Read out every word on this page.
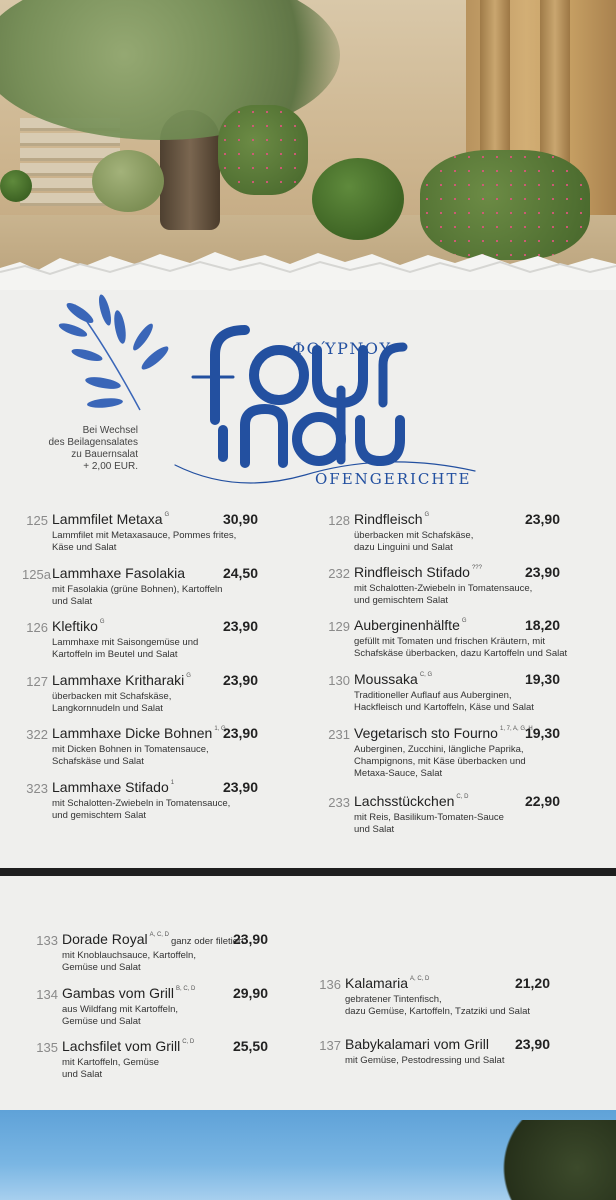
ΦΟΎΡΝΟΥ
OFENGERICHTE
Bei Wechsel
des Beilagensalates
zu Bauernsalat
+ 2,00 EUR.
125 Lammfilet Metaxa $^G$	30,90
Lammfilet mit Metaxasauce, Pommes frites,
Käse und Salat
125a Lammhaxe Fasolakia	24,50
mit Fasolakia (grüne Bohnen), Kartoffeln
und Salat
126 Kleftiko $^G$	23,90
Lammhaxe mit Saisongemüse und
Kartoffeln im Beutel und Salat
127 Lammhaxe Kritharaki $^G$	23,90
überbacken mit Schafskäse,
Langkornnudeln und Salat
322 Lammhaxe Dicke Bohnen $^{1, G}$
23,90
mit Dicken Bohnen in Tomatensauce,
Schafskäse und Salat
323 Lammhaxe Stifado $^1$	23,90
mit Schalotten-Zwiebeln in Tomatensauce,
und gemischtem Salat
128 Rindfleisch $^G$	23,90
überbacken mit Schafskäse,
dazu Linguini und Salat
232 Rindfleisch Stifado ???	23,90
mit Schalotten-Zwiebeln in Tomatensauce,
und gemischtem Salat
129 Auberginenhälfte $^G$	18,20
gefüllt mit Tomaten und frischen Kräutern, mit
Schafskäse überbacken, dazu Kartoffeln und Salat
130 Moussaka $^{C, G}$	19,30
Traditioneller Auflauf aus Auberginen,
Hackfleisch und Kartoffeln, Käse und Salat
231 Vegetarisch sto Fourno $^{1, 7, A, G, H}$
19,30
Auberginen, Zucchini, längliche Paprika,
Champignons, mit Käse überbacken und
Metaxa-Sauce, Salat
233 Lachsstückchen $^{C, D}$	22,90
mit Reis, Basilikum-Tomaten-Sauce
und Salat
133 Dorade Royal $^{A, C, D}$ganz oder filetiert
23,90
mit Knoblauchsauce, Kartoffeln,
Gemüse und Salat
134 Gambas vom Grill $^{B, C, D}$	29,90
aus Wildfang mit Kartoffeln,
Gemüse und Salat
135 Lachsfilet vom Grill $^{C, D}$	25,50
mit Kartoffeln, Gemüse
und Salat
136 Kalamaria $^{A, C, D}$	21,20
gebratener Tintenfisch,
dazu Gemüse, Kartoffeln, Tzatziki und Salat
137 Babykalamari vom Grill	23,90
mit Gemüse, Pestodressing und Salat
